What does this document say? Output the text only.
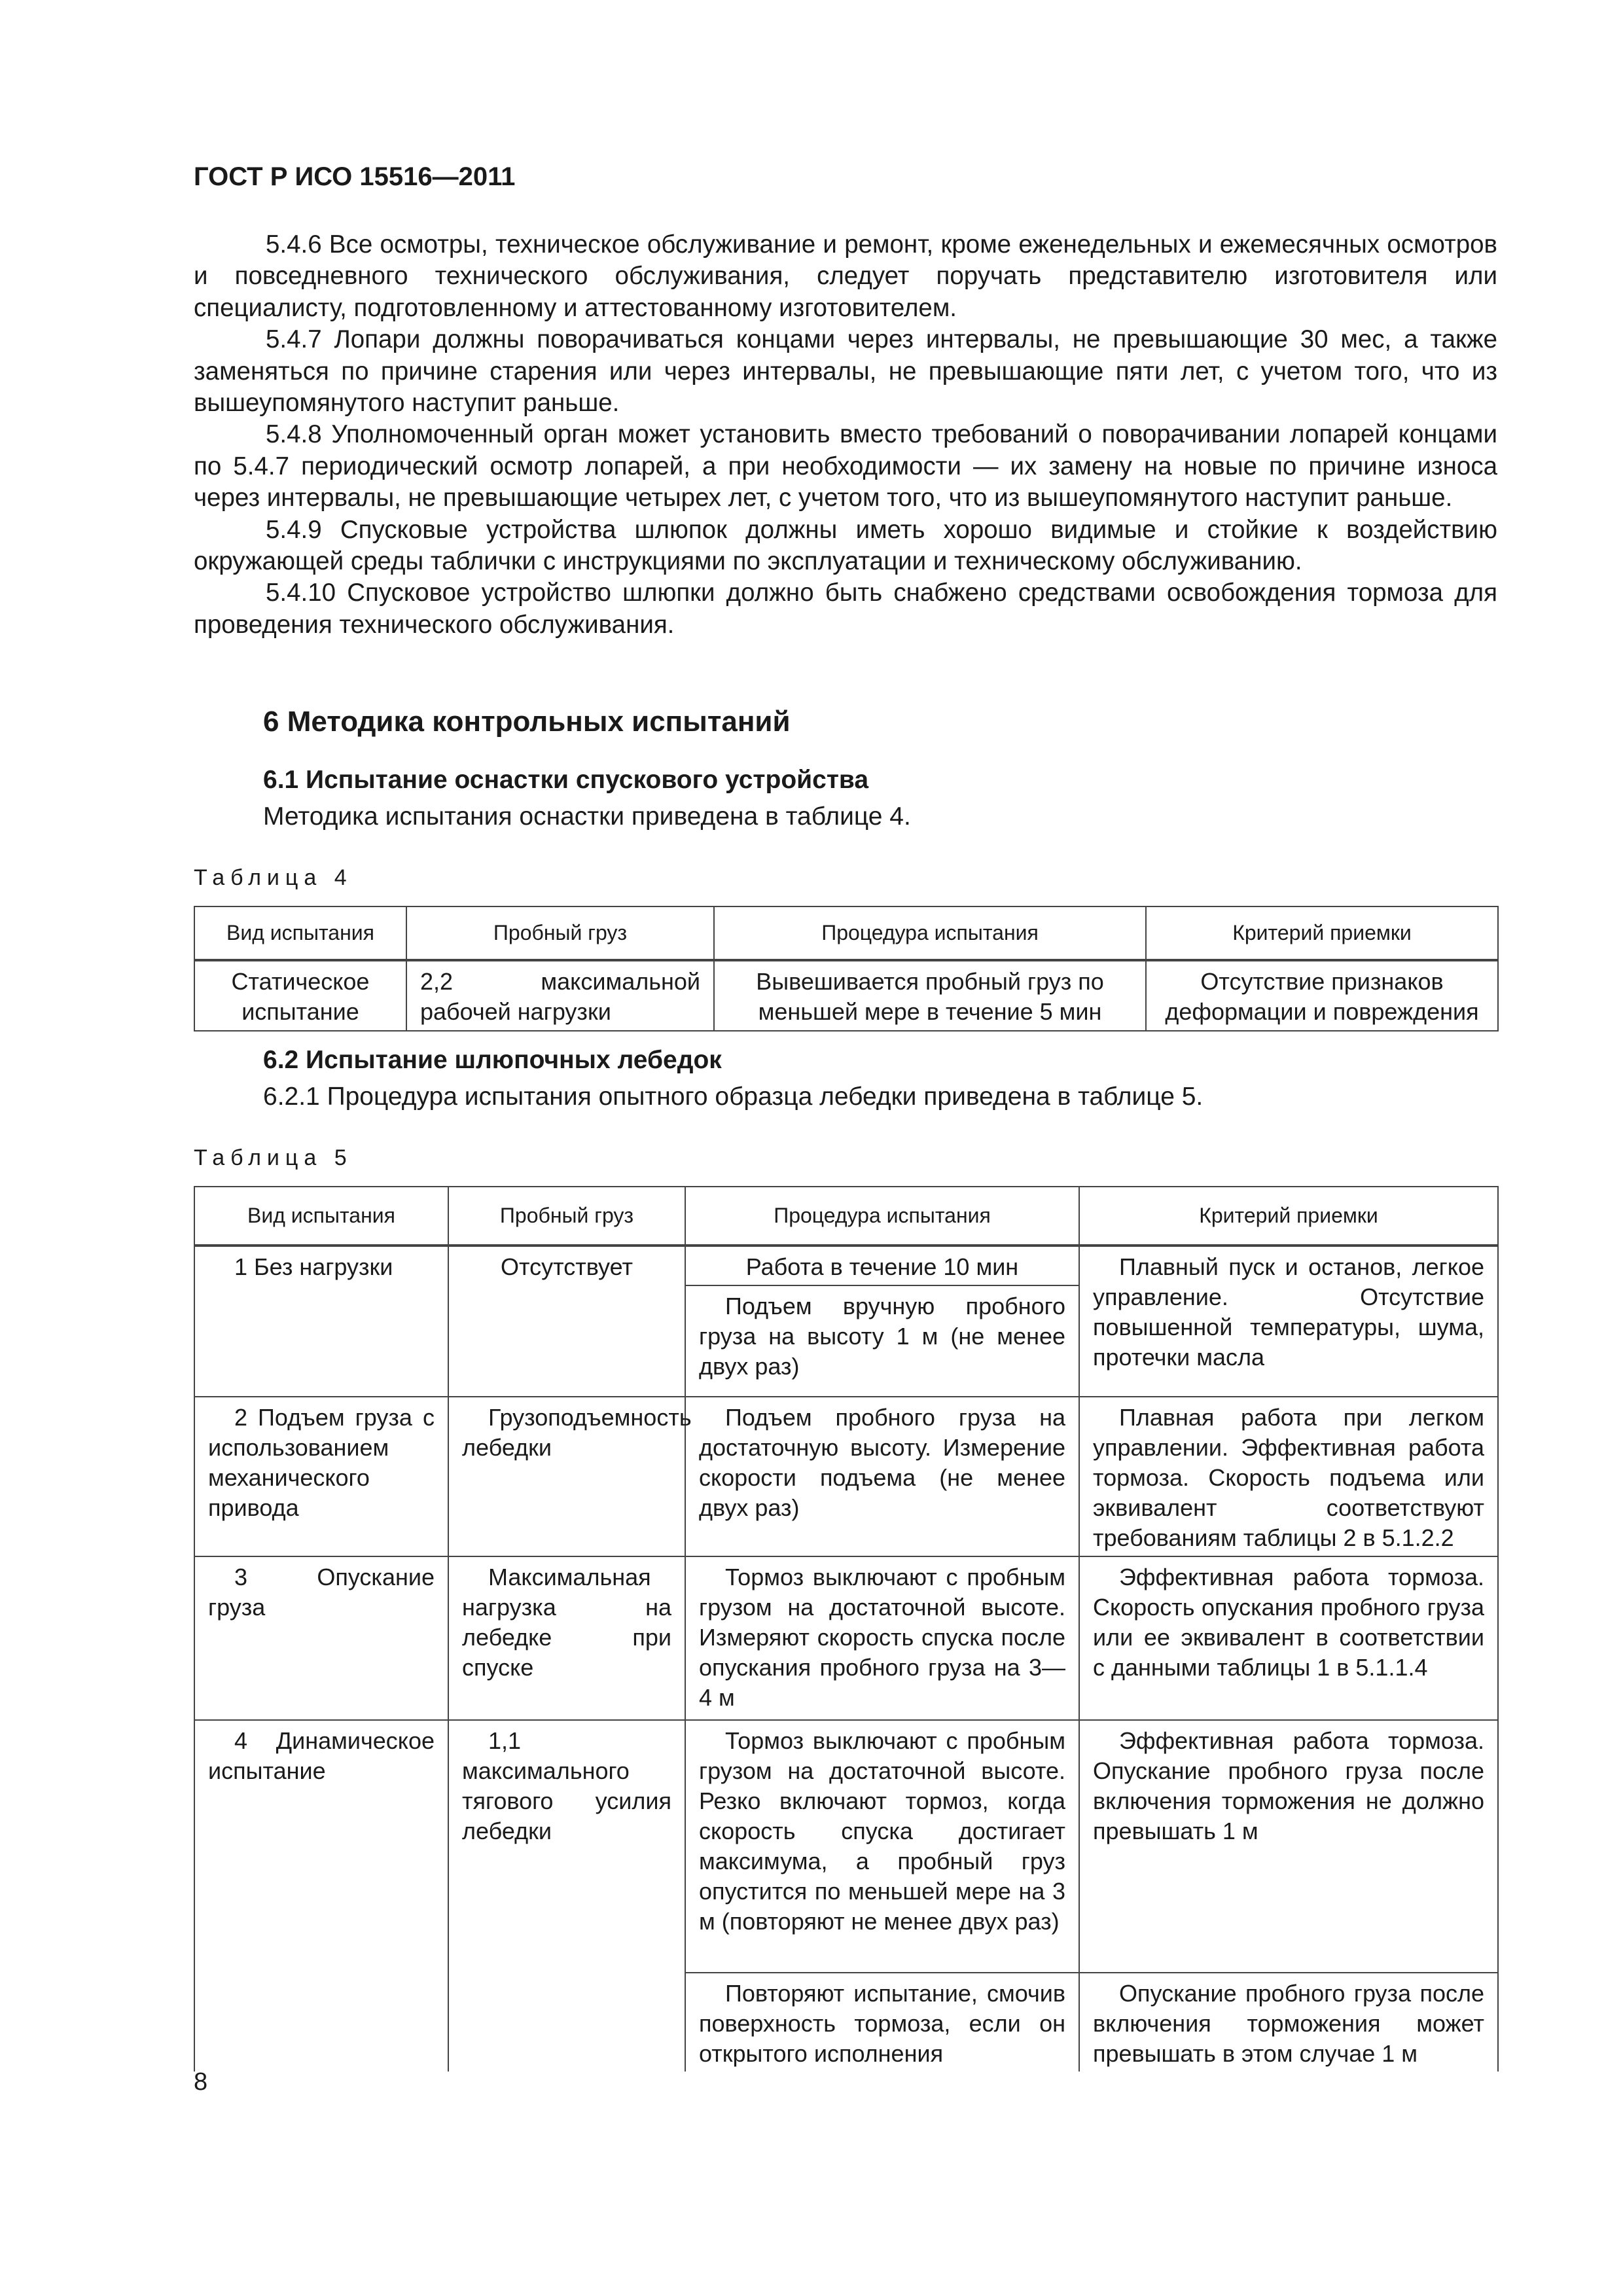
ГОСТ Р ИСО 15516—2011

5.4.6 Все осмотры, техническое обслуживание и ремонт, кроме еженедельных и ежемесячных осмотров и повседневного технического обслуживания, следует поручать представителю изготовителя или специалисту, подготовленному и аттестованному изготовителем.

5.4.7 Лопари должны поворачиваться концами через интервалы, не превышающие 30 мес, а также заменяться по причине старения или через интервалы, не превышающие пяти лет, с учетом того, что из вышеупомянутого наступит раньше.

5.4.8 Уполномоченный орган может установить вместо требований о поворачивании лопарей концами по 5.4.7 периодический осмотр лопарей, а при необходимости — их замену на новые по причине износа через интервалы, не превышающие четырех лет, с учетом того, что из вышеупомянутого наступит раньше.

5.4.9 Спусковые устройства шлюпок должны иметь хорошо видимые и стойкие к воздействию окружающей среды таблички с инструкциями по эксплуатации и техническому обслуживанию.

5.4.10 Спусковое устройство шлюпки должно быть снабжено средствами освобождения тормоза для проведения технического обслуживания.

6 Методика контрольных испытаний
6.1 Испытание оснастки спускового устройства
Методика испытания оснастки приведена в таблице 4.
Таблица 4
Вид испытания	Пробный груз	Процедура испытания	Критерий приемки
Статическое испытание	2,2 максимальной рабочей нагрузки	Вывешивается пробный груз по меньшей мере в течение 5 мин	Отсутствие признаков деформации и повреждения
6.2 Испытание шлюпочных лебедок
6.2.1 Процедура испытания опытного образца лебедки приведена в таблице 5.
Таблица 5
Вид испытания	Пробный груз	Процедура испытания	Критерий приемки

1 Без нагрузки	Отсутствует	Работа в течение 10 мин	Плавный пуск и останов, легкое управление. Отсутствие повышенной температуры, шума, протечки масла

		Подъем вручную пробного груза на высоту 1 м (не менее двух раз)	

2 Подъем груза с использованием механического привода	Грузоподъемность лебедки	Подъем пробного груза на достаточную высоту. Измерение скорости подъема (не менее двух раз)	Плавная работа при легком управлении. Эффективная работа тормоза. Скорость подъема или эквивалент соответствуют требованиям таблицы 2 в 5.1.2.2

3 Опускание груза	Максимальная нагрузка на лебедке при спуске	Тормоз выключают с пробным грузом на достаточной высоте. Измеряют скорость спуска после опускания пробного груза на 3—4 м	Эффективная работа тормоза. Скорость опускания пробного груза или ее эквивалент в соответствии с данными таблицы 1 в 5.1.1.4

4 Динамическое испытание	1,1 максимального тягового усилия лебедки	Тормоз выключают с пробным грузом на достаточной высоте. Резко включают тормоз, когда скорость спуска достигает максимума, а пробный груз опустится по меньшей мере на 3 м (повторяют не менее двух раз)	Эффективная работа тормоза. Опускание пробного груза после включения торможения не должно превышать 1 м

		Повторяют испытание, смочив поверхность тормоза, если он открытого исполнения	Опускание пробного груза после включения торможения может превышать в этом случае 1 м
8
